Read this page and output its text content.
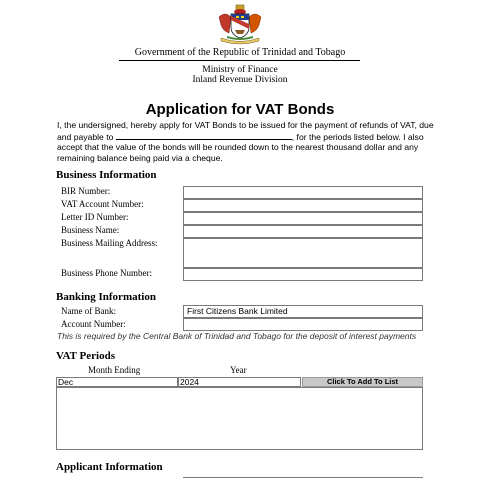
Government of the Republic of Trinidad and Tobago
Ministry of Finance
Inland Revenue Division
Application for VAT Bonds
I, the undersigned, hereby apply for VAT Bonds to be issued for the payment of refunds of VAT, due and payable to	, for the periods listed below. I also accept that the value of the bonds will be rounded down to the nearest thousand dollar and any remaining balance being paid via a cheque.
Business Information
BIR Number:
VAT Account Number:
Letter ID Number:
Business Name:
Business Mailing Address:
Business Phone Number:
Banking Information
Name of Bank:	First Citizens Bank Limited
Account Number:
This is required by the Central Bank of Trinidad and Tobago for the deposit of interest payments
VAT Periods
Month Ending	Year
Dec	2024	Click To Add To List
Applicant Information
